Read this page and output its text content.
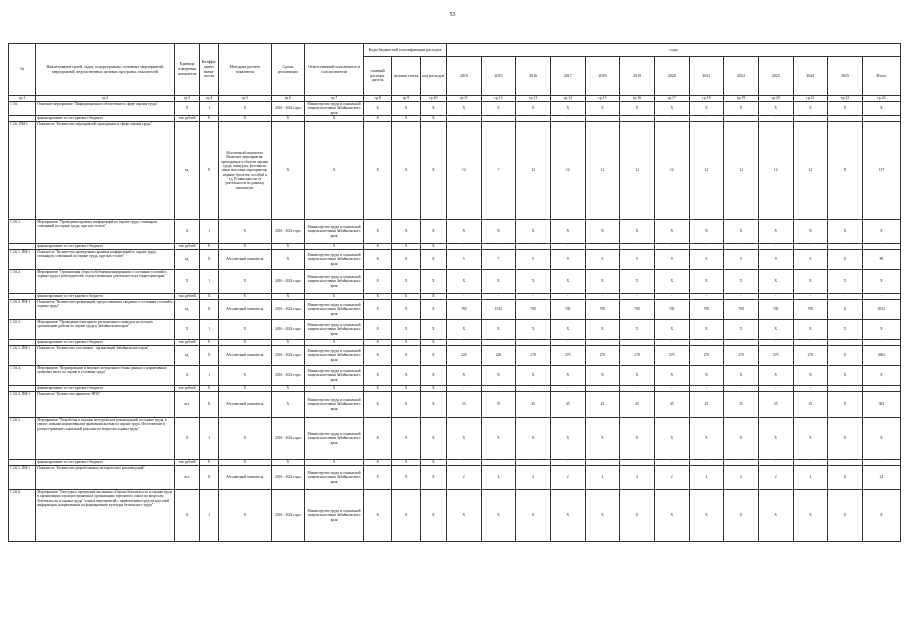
53
№	Наименование целей, задач, подпрограммы, основных мероприятий, мероприятий, ведомственных целевых программ, показателей	Единица измерения показателя	Коэффи-циент значи-мости	Методика расчета показателя	Сроки реализации	Ответственный исполнитель и соисполнители	Коды бюджетной классификации расходов			годы												
							главный распоря-дитель	целевая статья	код расходов	2010	2015	2016	2017	2018	2019	2020	2021	2022	2023	2024	2025	Итого
гр.1	гр.2	гр.3	гр.4	гр.5	гр.6	гр.7	гр.8	гр.9	гр.10	гр.11	гр.12	гр.13	гр.14	гр.15	гр.16	гр.17	гр.18	гр.19	гр.20	гр.21	гр.22	гр.23
1.3.6.	Основное мероприятие "Информационное обеспечение в сфере охраны труда"	Х	1	Х	2016 - 2024 годы	Министерство труда и социальной защиты населения Забайкальского края	Х	Х	Х	Х	Х	Х	Х	Х	Х	Х	Х	Х	Х	Х	Х	Х
	финансирование за счет краевого бюджета	тыс.рублей	Х	Х	Х	Х	Х	Х	Х	-	-	-	-	-	-	-	-	-	-	-	-	-
1.3.6. ПМ-1	Показатель "Количество мероприятий, проводимых в сфере охраны труда"	ед.	Х	Абсолютный показатель. Включает мероприятия, проводимые в области охраны труда, конкурсы, фестивали, иные массовые мероприятия, издание буклетов, пособий и т.д. В зависимости от деятельности по данному показателю.	Х	Х	Х	Х	Х	12	7	12	12	12	12	12	12	12	12	12	Х	137
1.3.6.1.	Мероприятие "Проведение краевых конференций по охране труда, семинаров, совещаний по охране труда, круглых столов"	Х	1	Х	2016 - 2024 годы	Министерство труда и социальной защиты населения Забайкальского края	Х	Х	Х	Х	Х	Х	Х	Х	Х	Х	Х	Х	Х	Х	Х	Х
	финансирование за счет краевого бюджета	тыс.рублей	Х	Х	Х	Х	Х	Х	Х	-	-	-	-	-	-	-	-	-	-	-	-	-
1.3.6.1. ПМ-1	Показатель "Количество проведенных краевых конференций по охране труда, семинаров, совещаний по охране труда, круглых столов"	ед.	Х	Абсолютный показатель	Х	Министерство труда и социальной защиты населения Забайкальского края	Х	Х	Х	5	7	9	9	9	9	9	9	9	9	9	Х	89
1.3.6.2.	Мероприятие "Организация сбора и обобщения информации о состоянии условий и охраны труда у работодателей, осуществляющих деятельность на территории края"	Х	1	Х	2016 - 2024 годы	Министерство труда и социальной защиты населения Забайкальского края	Х	Х	Х	Х	Х	Х	Х	Х	Х	Х	Х	Х	Х	Х	Х	Х
	финансирование за счет краевого бюджета	тыс.рублей	Х	Х	Х	Х	Х	Х	Х	-	-	-	-	-	-	-	-	-	-	-	-	-
1.3.6.2. ПМ-1	Показатель "Количество организаций, предоставивших сведения о состоянии условий и охраны труда"	ед.	Х	Абсолютный показатель	2016 - 2024 годы	Министерство труда и социальной защиты населения Забайкальского края	Х	Х	Х	780	1012	700	700	700	700	700	700	700	700	700	Х	6912
1.3.6.3.	Мероприятие "Проведение ежегодного регионального конкурса на лучшую организацию работы по охране труда в Забайкальском крае"	Х	1	Х	2016 - 2024 годы	Министерство труда и социальной защиты населения Забайкальского края	Х	Х	Х	Х	Х	Х	Х	Х	Х	Х	Х	Х	Х	Х	Х	Х
	финансирование за счет краевого бюджета	тыс.рублей	Х	Х	Х	Х	Х	Х	Х	-	-	-	-	-	-	-	-	-	-	-	-	-
1.3.6.3. ПМ-1	Показатель "Количество участников - организаций Забайкальского края"	ед.	Х	Абсолютный показатель	2016 - 2024 годы	Министерство труда и социальной защиты населения Забайкальского края	Х	Х	Х	226	226	270	270	270	270	270	270	270	270	270	Х	2962
1.3.6.4.	Мероприятие "Формирование и ведение электронного банка данных о нормативных правовых актах по охране и условиям труда"	Х	1	Х	2016 - 2024 годы	Министерство труда и социальной защиты населения Забайкальского края	Х	Х	Х	Х	Х	Х	Х	Х	Х	Х	Х	Х	Х	Х	Х	Х
	финансирование за счет краевого бюджета	тыс.рублей	Х	Х	Х	Х	Х	Х	Х	-	-	-	-	-	-	-	-	-	-	-	-	-
1.3.6.4. ПМ-1	Показатель "Количество принятых НПА"	шт.	Х	Абсолютный показатель	Х	Министерство труда и социальной защиты населения Забайкальского края	Х	Х	Х	35	70	45	45	45	45	45	45	35	35	35	Х	383
1.3.6.5.	Мероприятие "Разработка и издание методических рекомендаций по охране труда, в связи с новыми нормативными правовыми актами по охране труда. Изготовление и распространение социальной рекламы по вопросам охраны труда"	Х	1	Х	2016 - 2024 годы	Министерство труда и социальной защиты населения Забайкальского края	Х	Х	Х	Х	Х	Х	Х	Х	Х	Х	Х	Х	Х	Х	Х	Х
	финансирование за счет краевого бюджета	тыс.рублей	Х	Х	Х	Х	Х	Х	Х	-	-	-	-	-	-	-	-	-	-	-	-	-
1.3.6.5. ПМ-1	Показатель "Количество разработанных методических рекомендаций"	шт.	Х	Абсолютный показатель	2016 - 2024 годы	Министерство труда и социальной защиты населения Забайкальского края	Х	Х	Х	2	4	2	2	2	2	2	2	2	2	2	Х	24
1.3.6.6.	Мероприятие "Ежегодное проведение месячника «Охрана безопасности и охраны труда в организациях и распространения в организациях передового опыта по вопросам безопасности и охраны труда" и иных мероприятий с привлечением средств массовой информации, направленных на формирование культуры безопасного труда"	Х	1	Х	2016 - 2024 годы	Министерство труда и социальной защиты населения Забайкальского края	Х	Х	Х	Х	Х	Х	Х	Х	Х	Х	Х	Х	Х	Х	Х	Х
